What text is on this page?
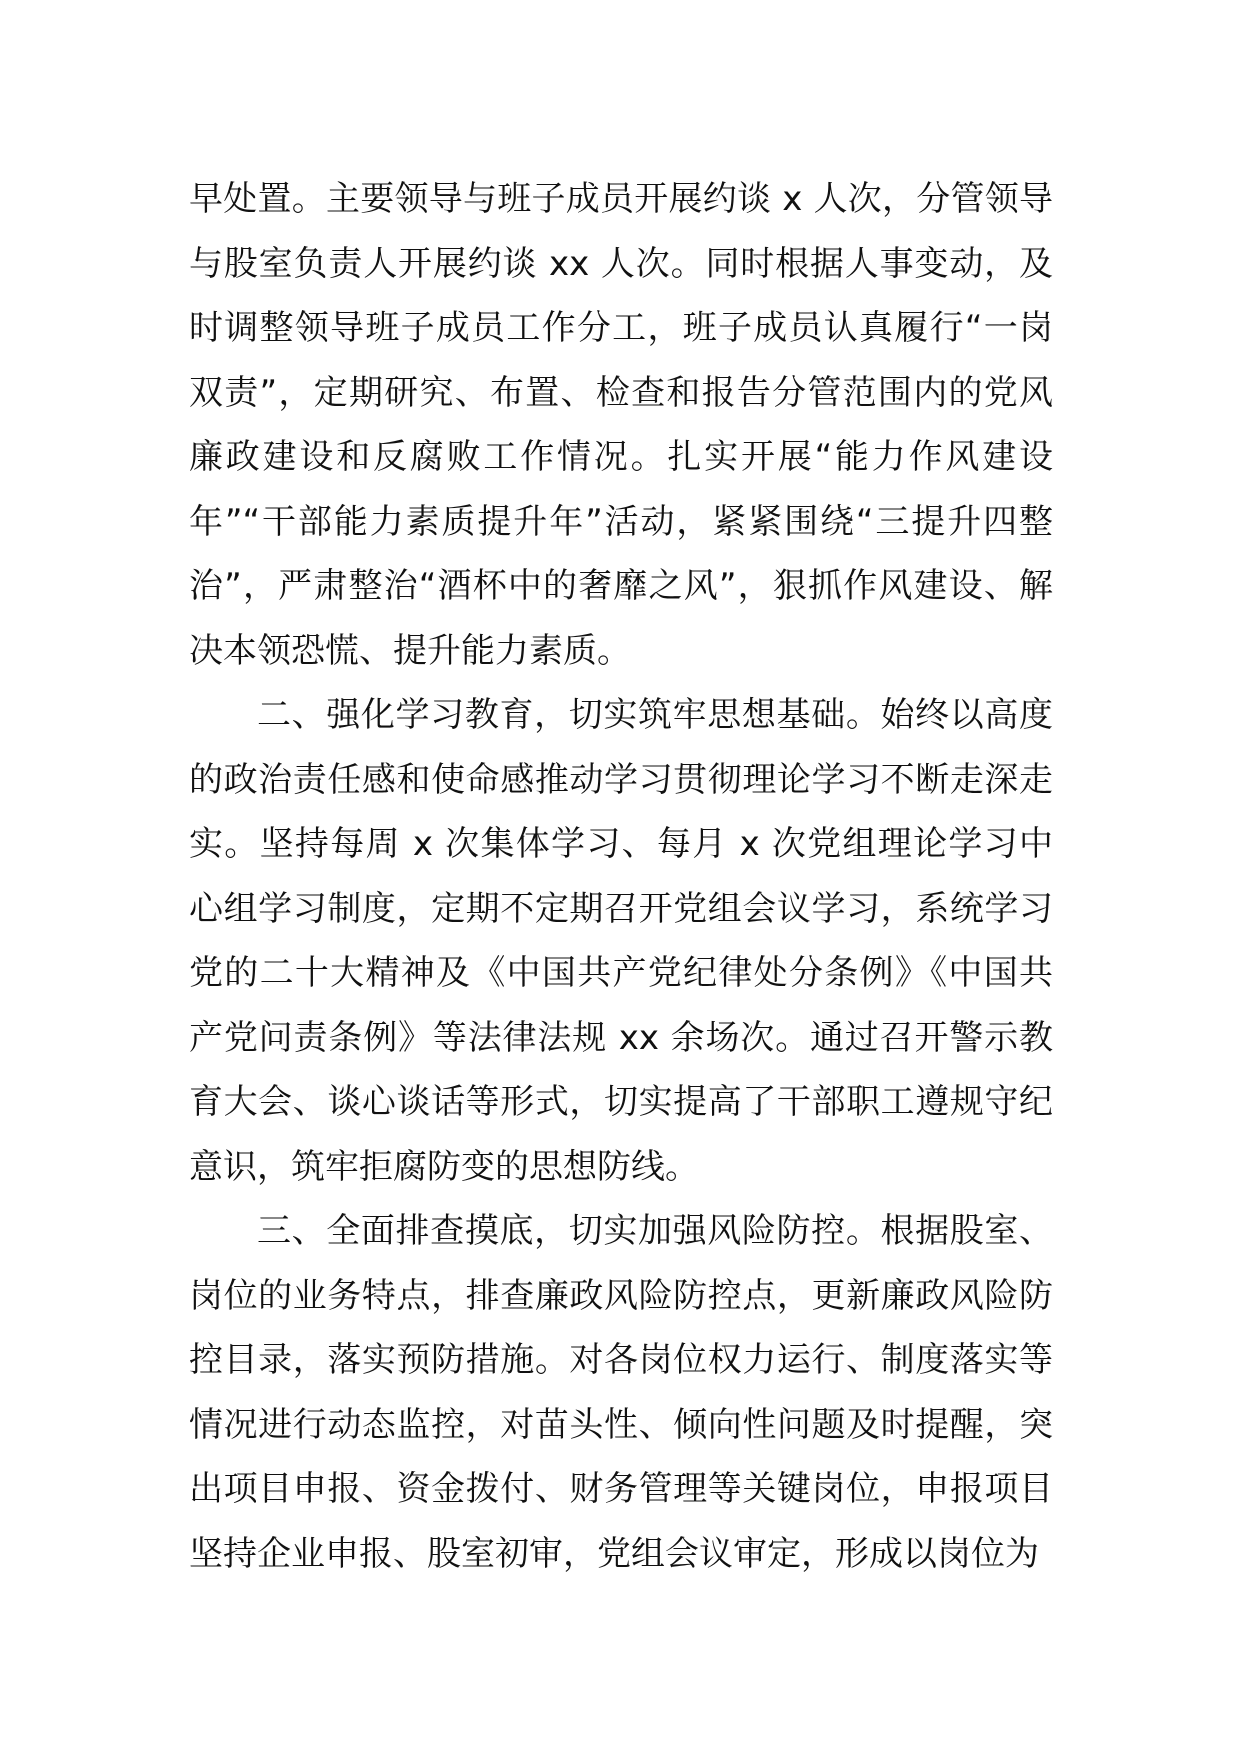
早处置。主要领导与班子成员开展约谈 x 人次，分管领导与股室负责人开展约谈 xx 人次。同时根据人事变动，及时调整领导班子成员工作分工，班子成员认真履行“一岗双责”，定期研究、布置、检查和报告分管范围内的党风廉政建设和反腐败工作情况。扎实开展“能力作风建设年”“干部能力素质提升年”活动，紧紧围绕“三提升四整治”，严肃整治“酒杯中的奢靡之风”，狠抓作风建设、解决本领恐慌、提升能力素质。

二、强化学习教育，切实筑牢思想基础。始终以高度的政治责任感和使命感推动学习贯彻理论学习不断走深走实。坚持每周 x 次集体学习、每月 x 次党组理论学习中心组学习制度，定期不定期召开党组会议学习，系统学习党的二十大精神及《中国共产党纪律处分条例》《中国共产党问责条例》等法律法规 xx 余场次。通过召开警示教育大会、谈心谈话等形式，切实提高了干部职工遵规守纪意识，筑牢拒腐防变的思想防线。

三、全面排查摸底，切实加强风险防控。根据股室、岗位的业务特点，排查廉政风险防控点，更新廉政风险防控目录，落实预防措施。对各岗位权力运行、制度落实等情况进行动态监控，对苗头性、倾向性问题及时提醒，突出项目申报、资金拨付、财务管理等关键岗位，申报项目坚持企业申报、股室初审，党组会议审定，形成以岗位为
